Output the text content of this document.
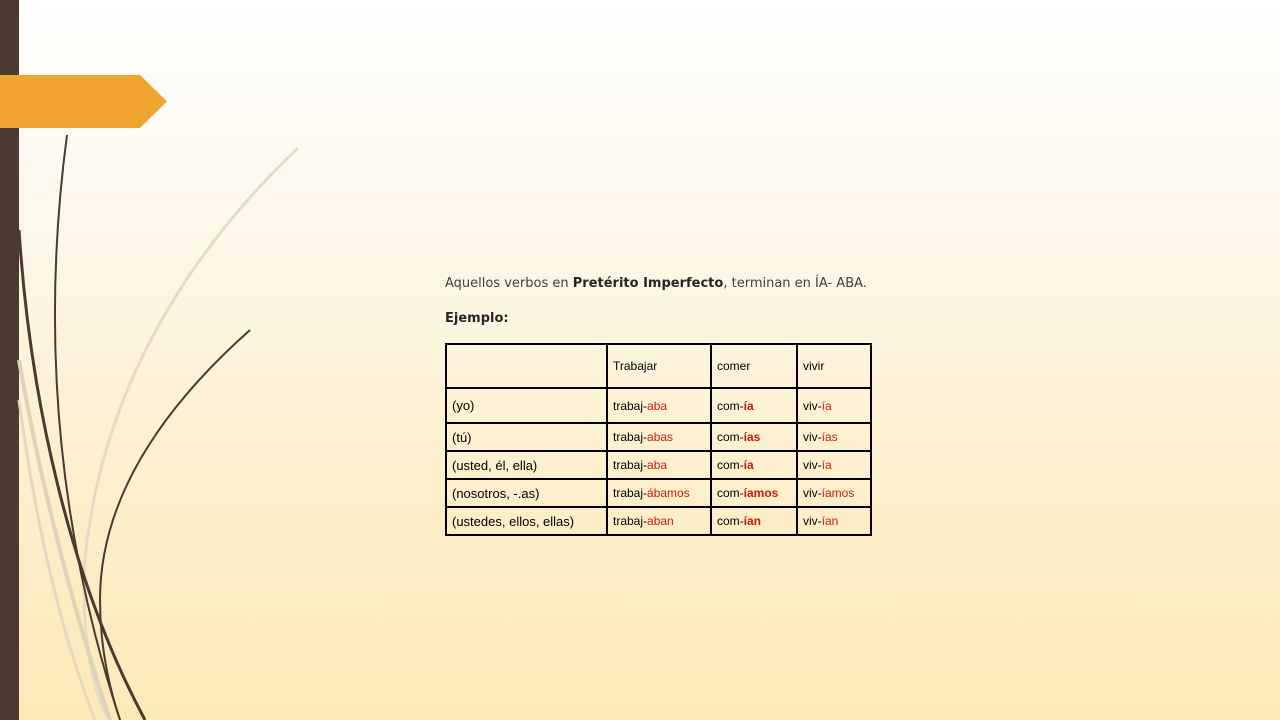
Aquellos verbos en Pretérito Imperfecto, terminan en ÍA- ABA.
Ejemplo:
	Trabajar	comer	vivir
(yo)	trabaj-aba	com-ía	viv-ía
(tú)	trabaj-abas	com-ías	viv-ías
(usted, él, ella)	trabaj-aba	com-ía	viv-ía
(nosotros, -.as)	trabaj-ábamos	com-íamos	viv-íamos
(ustedes, ellos, ellas)	trabaj-aban	com-ían	viv-ían
